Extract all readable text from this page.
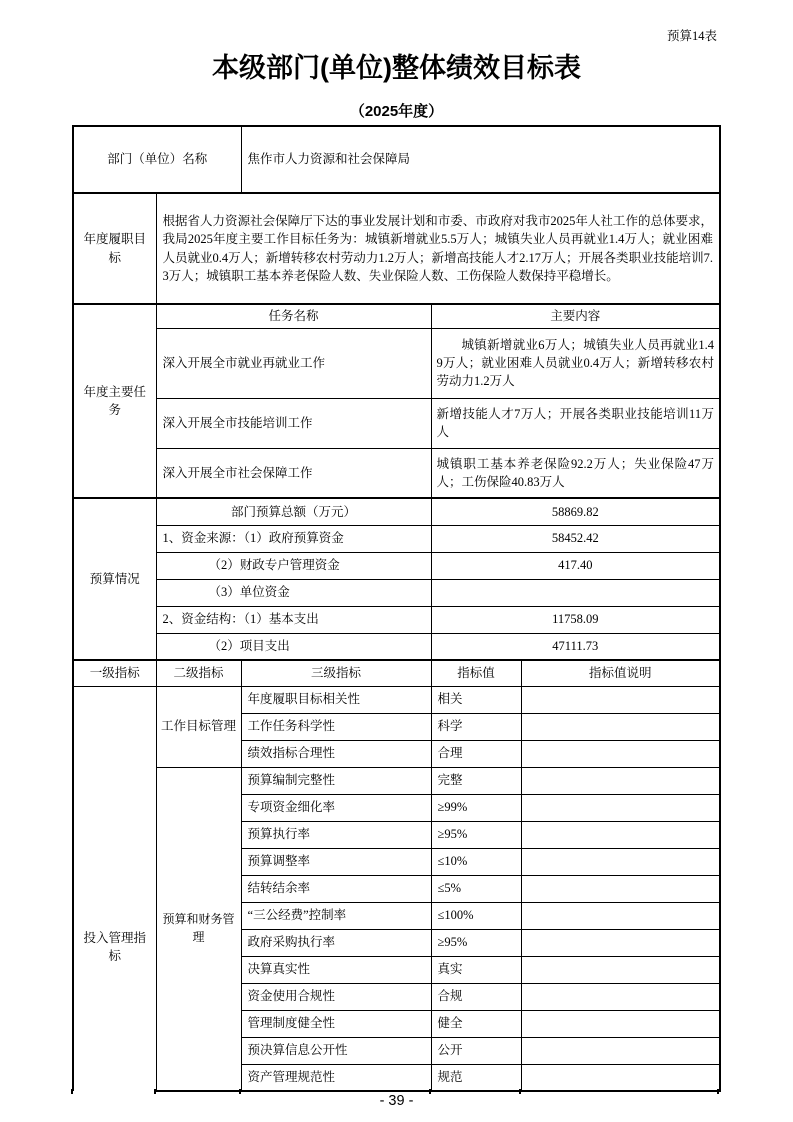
预算14表
本级部门(单位)整体绩效目标表
（2025年度）
部门（单位）名称		焦作市人力资源和社会保障局		
年度履职目标	根据省人力资源社会保障厅下达的事业发展计划和市委、市政府对我市2025年人社工作的总体要求，我局2025年度主要工作目标任务为：城镇新增就业5.5万人；城镇失业人员再就业1.4万人；就业困难人员就业0.4万人；新增转移农村劳动力1.2万人；新增高技能人才2.17万人；开展各类职业技能培训7.3万人；城镇职工基本养老保险人数、失业保险人数、工伤保险人数保持平稳增长。			
年度主要任务	任务名称		主要内容	
	深入开展全市就业再就业工作		城镇新增就业6万人；城镇失业人员再就业1.49万人；就业困难人员就业0.4万人；新增转移农村劳动力1.2万人	
	深入开展全市技能培训工作		新增技能人才7万人；开展各类职业技能培训11万人	
	深入开展全市社会保障工作		城镇职工基本养老保险92.2万人；失业保险47万人；工伤保险40.83万人	
预算情况	部门预算总额（万元）		58869.82	
	1、资金来源：（1）政府预算资金		58452.42	
	（2）财政专户管理资金		417.40	
	（3）单位资金			
	2、资金结构：（1）基本支出		11758.09	
	（2）项目支出		47111.73	
一级指标	二级指标	三级指标	指标值	指标值说明
投入管理指标	工作目标管理	年度履职目标相关性	相关	
		工作任务科学性	科学	
		绩效指标合理性	合理	
	预算和财务管理	预算编制完整性	完整	
		专项资金细化率	≥99%	
		预算执行率	≥95%	
		预算调整率	≤10%	
		结转结余率	≤5%	
		“三公经费”控制率	≤100%	
		政府采购执行率	≥95%	
		决算真实性	真实	
		资金使用合规性	合规	
		管理制度健全性	健全	
		预决算信息公开性	公开	
		资产管理规范性	规范	
- 39 -
